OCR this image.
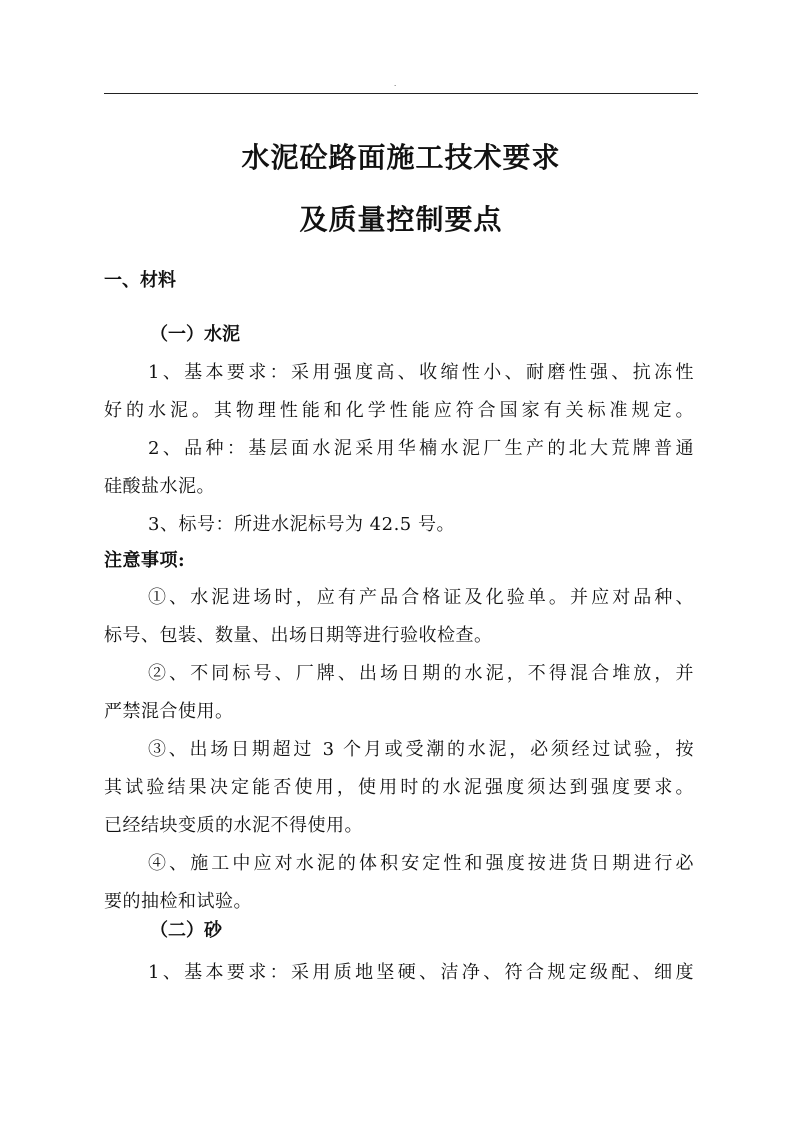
.
水泥砼路面施工技术要求
及质量控制要点
一、材料
（一）水泥
1、基本要求：采用强度高、收缩性小、耐磨性强、抗冻性
好的水泥。其物理性能和化学性能应符合国家有关标准规定。
2、品种：基层面水泥采用华楠水泥厂生产的北大荒牌普通
硅酸盐水泥。
3、标号：所进水泥标号为 42.5 号。
注意事项:
①、水泥进场时，应有产品合格证及化验单。并应对品种、
标号、包装、数量、出场日期等进行验收检查。
②、不同标号、厂牌、出场日期的水泥，不得混合堆放，并
严禁混合使用。
③、出场日期超过 3 个月或受潮的水泥，必须经过试验，按
其试验结果决定能否使用，使用时的水泥强度须达到强度要求。
已经结块变质的水泥不得使用。
④、施工中应对水泥的体积安定性和强度按进货日期进行必
要的抽检和试验。
（二）砂
1、基本要求：采用质地坚硬、洁净、符合规定级配、细度
